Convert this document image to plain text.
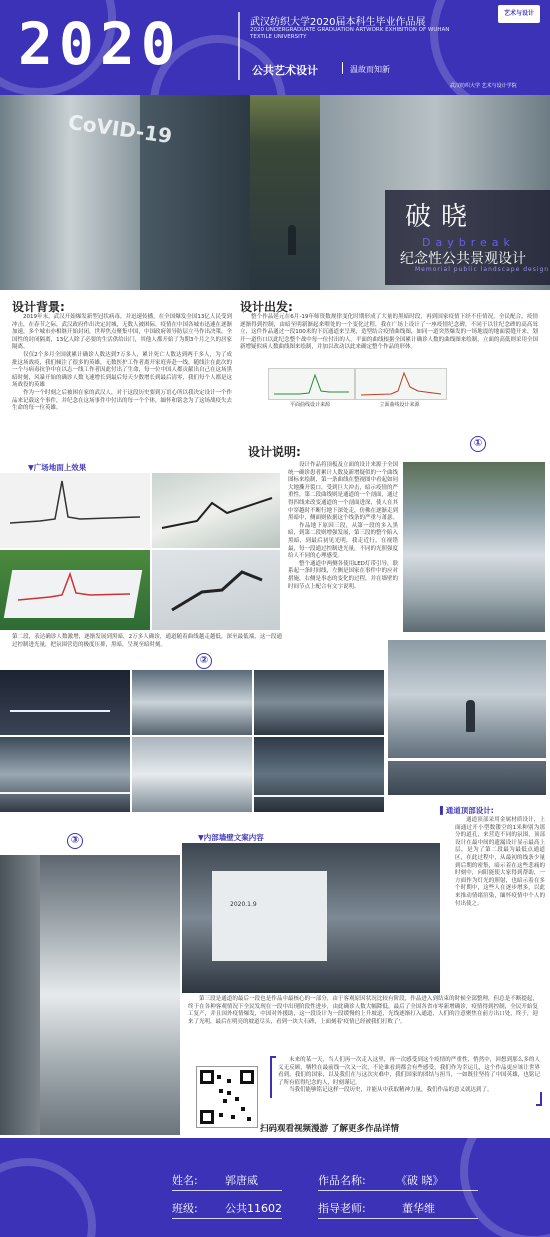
2020	武汉纺织大学2020届本科生毕业作品展
2020 UNDERGRADUATE GRADUATION ARTWORK EXHIBITION OF WUHAN TEXTILE UNIVERSITY
公共艺术设计	温故而知新
艺术与设计 A+D
武汉纺织大学 艺术与设计学院
CoVID-19
破晓
Daybreak
纪念性公共景观设计
Memorial public landscape design
设计背景:
2019年末，武汉开始爆发新型冠状病毒，并迅速传播，在全国爆发全国13亿人民受到冲击，在春节之际，武汉政府作出决定封城，无数人被困际，疫情在中国各城市迅速在逐渐加速，多个城市亦相继开始封闭，世界焦点聚集中国，中国政府领导防层立马作出决策，全国性的封闭隔离，13亿人除了必要的生活供给出门，其他人都开始了为期3个月之久的居家隔离。
仅仅2个多月全国就累计确诊人数达到7万多人，累计死亡人数达到两千多人，为了成批这场战疫，我们倾注了很多的英雄，无数医护工作者离开家庭奔赴一线，随线注在此次的一个与病毒抗争中在以志一线工作者因此付出了生命，每一位中国人都贡献出自己在这场黑暗时刻，风暴开始的确诊人数飞速增长到最后每天少数增长到最后清零，我们每个人都是这场战役的英雄
作为一个时刻之后被困在家的武汉人，对于这段历史要到万语心所以我决定设计一个作品来记载这个事件，并纪念在这场事件中付出的每一个个体，缅怀和铭念为了这场战疫失去生命的每一位英雄。
设计出发:
整个作品延元在6月-19年师资数规律变化时期形成了大量的黑暗时段，再到国家疫情下经不佳情况，全民配合，疫情逐渐得到控制，由暗至明新渐起来喂处的一个变化过程，我在广场上设计了一座疫情纪念碑，不同于以往纪念碑的高高耸立，这件作品通过一段100米的下沉通道来呈现，造型结合疫情曲线图，如同一道突然爆发的一场地震的地面裂缝开来，划开一道伤口以此纪念整个战中每一位付出的人。平面的曲线根据全国累计确诊人数的曲线图来绘制，立面的高低则采用全国新增疑似病人数曲线图来绘制，并加以改动以此来确定整个作品的形体。
平面曲线设计来源	立面曲线设计来源
设计说明:
设计作品将顶板及立面的设计来源于全国统一确诊患者累计人数及新增疑似的一个曲线图标来绘制，第一条曲线在整视图中看起如同大地撕开裂口，受到巨大冲击，暗示疫情的严重性，第二段曲线则是通道的一个剖面，通过得四线来改变通道的一个剖面进深，使人在其中穿越时不断行地下深处走，仿佛在逐渐走到黑暗中，侧面则依据这个线条的严重与萧瑟。
作品地下原因三段，从第一段的多入黑暗，到第二段则增强发展，第三段的整个陷入黑暗，到最后初见光明，我走近行，在视错最，每一段通过控制进光量，不同的光照强度给人不同的心理感受。
整个通道中两侧各使用LED灯带引导，联系起一条时间线，左侧是国家在事件中的应对措施，右侧是事态的变化的过程，并在墙壁的时间节点上配合有文字说明。
①
▼广场地面上效果
第二段，表达确诊人数激增，逐渐发展到黑暗，2万多人确诊，通道随着曲线越走越低，深至最低端，这一段通过控制进光量，把氛围营造的极度压抑，黑暗，呈现至暗时刻。
②
▌通道顶部设计:
通道顶部采用金属材质设计，上面通过开小型数镂空的1米种别为那分的道孔，来营造不同的氛围，顶部设计在最中间的遗漏设计显示最高上层，是为了第二段最为最低点通道区，在此过程中，从最初的线条少量到后期的密集，暗示着在这些悲痛的时刻中，向阳能使大家得到帮助，一方面作为灯光的照射，也暗示着在多个时期中，这些人在逐步增多，以此来推动情绪渲染，缅怀疫情中个人的付出使之。
③	▼内部墙壁文案内容
2020.1.9
第三段是通道的最后一段也是作品中最核心的一部分，由于客观原因状况比较有阶段，作品进入到结束的时候全部整理，但总是不断提起，终于在各种客观情况下全民发现在一段中出现阶段性进步，由此确诊人数大幅降低，最后了全国各省市零新增确诊，疫情得到控制，全民开始复工复产，并且国外疫情爆发，中国对外援助，这一段设计为一段缓慢的上升坡道，光线逐渐打入通道，人们的注意聚焦在前方出口处，终于，迎来了光明，最后在明亮的坡道尽头，看到一块大石碑，上面刻着'疫情已经被我们打败了'。
未来的某一天，当人们再一次走入这里，再一次感受到这个疫情的严重性，悄然中，回想到那么多的人义无反顾，牺牲在最前线一次又一次，不论谁看到都会有些感受，我们作为幸运儿，这个作品更应该让世界看到，我们的国家，以及我们在与这次灾难中，我们国家的团结与担当，一如既往坚持了中国英雄，也铭记了所有值得纪念的人，时刻谨记。
当我们能够铭记这样一段历史，并能从中获取精神力量，我们作品的意义就达到了。
扫码观看视频漫游 了解更多作品详情
姓名: 郭唐威	作品名称:	《破 晓》
班级: 公共11602	指导老师:	董华维
